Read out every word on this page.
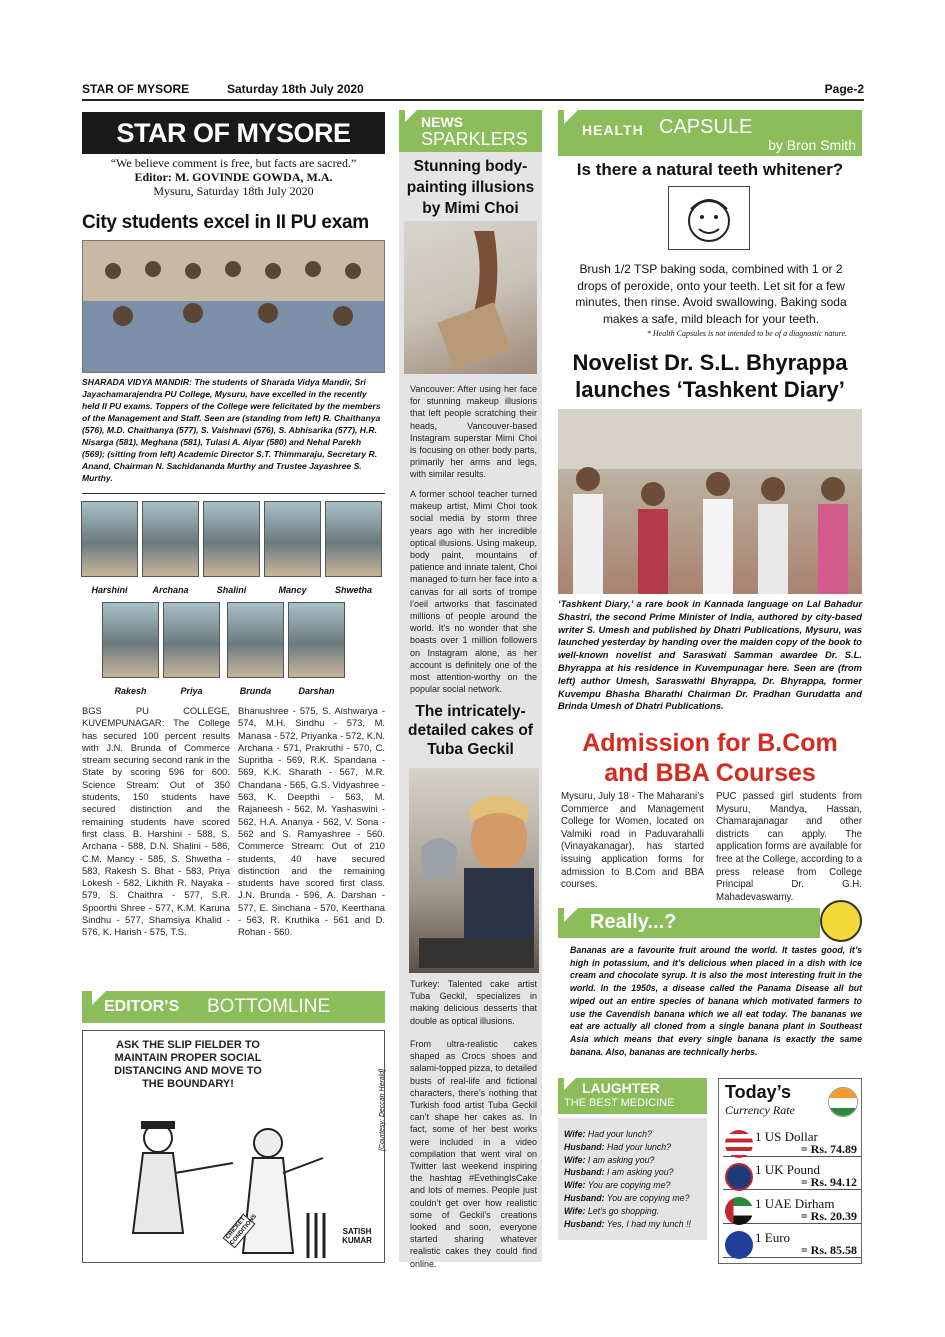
STAR OF MYSORE	Saturday 18th July 2020	Page-2
STAR OF MYSORE
“We believe comment is free, but facts are sacred.”
Editor: M. GOVINDE GOWDA, M.A.
Mysuru, Saturday 18th July 2020
City students excel in II PU exam
SHARADA VIDYA MANDIR: The students of Sharada Vidya Mandir, Sri Jayachamarajendra PU College, Mysuru, have excelled in the recently held II PU exams. Toppers of the College were felicitated by the members of the Management and Staff. Seen are (standing from left) R. Chaithanya (576), M.D. Chaithanya (577), S. Vaishnavi (576), S. Abhisarika (577), H.R. Nisarga (581), Meghana (581), Tulasi A. Aiyar (580) and Nehal Parekh (569); (sitting from left) Academic Director S.T. Thimmaraju, Secretary R. Anand, Chairman N. Sachidananda Murthy and Trustee Jayashree S. Murthy.
Harshini	Archana	Shalini	Mancy	Shwetha
Rakesh	Priya	Brunda	Darshan
BGS PU COLLEGE, KUVEMPUNAGAR: The College has secured 100 percent results with J.N. Brunda of Commerce stream securing second rank in the State by scoring 596 for 600. Science Stream: Out of 350 students, 150 students have secured distinction and the remaining students have scored first class. B. Harshini - 588, S. Archana - 588, D.N. Shalini - 586, C.M. Mancy - 585, S. Shwetha - 583, Rakesh S. Bhat - 583, Priya Lokesh - 582, Likhith R. Nayaka - 579, S. Chaithra - 577, S.R. Spoorthi Shree - 577, K.M. Karuna Sindhu - 577, Shamsiya Khalid - 576, K. Harish - 575, T.S.
Bhanushree - 575, S. Aishwarya - 574, M.H. Sindhu - 573, M. Manasa - 572, Priyanka - 572, K.N. Archana - 571, Prakruthi - 570, C. Supritha - 569, R.K. Spandana - 569, K.K. Sharath - 567, M.R. Chandana - 565, G.S. Vidyashree - 563, K. Deepthi - 563, M. Rajaneesh - 562, M. Yashaswini - 562, H.A. Ananya - 562, V. Sona - 562 and S. Ramyashree - 560. Commerce Stream: Out of 210 students, 40 have secured distinction and the remaining students have scored first class. J.N. Brunda - 596, A. Darshan - 577, E. Sinchana - 570, Keerthana - 563, R. Kruthika - 561 and D. Rohan - 560.
EDITOR’S BOTTOMLINE
ASK THE SLIP FIELDER TO MAINTAIN PROPER SOCIAL DISTANCING AND MOVE TO THE BOUNDARY!
CRICKET CONDITIONS	SATISH KUMAR
[Courtesy: Deccan Herald]
NEWS
SPARKLERS
Stunning body-painting illusions by Mimi Choi
Vancouver: After using her face for stunning makeup illusions that left people scratching their heads, Vancouver-based Instagram superstar Mimi Choi is focusing on other body parts, primarily her arms and legs, with similar results.
A former school teacher turned makeup artist, Mimi Choi took social media by storm three years ago with her incredible optical illusions. Using makeup, body paint, mountains of patience and innate talent, Choi managed to turn her face into a canvas for all sorts of trompe l’oeil artworks that fascinated millions of people around the world. It’s no wonder that she boasts over 1 million followers on Instagram alone, as her account is definitely one of the most attention-worthy on the popular social network.
The intricately-detailed cakes of Tuba Geckil
Turkey: Talented cake artist Tuba Geckil, specializes in making delicious desserts that double as optical illusions.
From ultra-realistic cakes shaped as Crocs shoes and salami-topped pizza, to detailed busts of real-life and fictional characters, there’s nothing that Turkish food artist Tuba Geckil can’t shape her cakes as. In fact, some of her best works were included in a video compilation that went viral on Twitter last weekend inspiring the hashtag #EvethingIsCake and lots of memes. People just couldn’t get over how realistic some of Geckil’s creations looked and soon, everyone started sharing whatever realistic cakes they could find online.
HEALTH CAPSULE
by Bron Smith
Is there a natural teeth whitener?
Brush 1/2 TSP baking soda, combined with 1 or 2 drops of peroxide, onto your teeth. Let sit for a few minutes, then rinse. Avoid swallowing. Baking soda makes a safe, mild bleach for your teeth.
* Health Capsules is not intended to be of a diagnostic nature.
Novelist Dr. S.L. Bhyrappa launches ‘Tashkent Diary’
‘Tashkent Diary,’ a rare book in Kannada language on Lal Bahadur Shastri, the second Prime Minister of India, authored by city-based writer S. Umesh and published by Dhatri Publications, Mysuru, was launched yesterday by handing over the maiden copy of the book to well-known novelist and Saraswati Samman awardee Dr. S.L. Bhyrappa at his residence in Kuvempunagar here. Seen are (from left) author Umesh, Saraswathi Bhyrappa, Dr. Bhyrappa, former Kuvempu Bhasha Bharathi Chairman Dr. Pradhan Gurudatta and Brinda Umesh of Dhatri Publications.
Admission for B.Com and BBA Courses
Mysuru, July 18 - The Maharani’s Commerce and Management College for Women, located on Valmiki road in Paduvarahalli (Vinayakanagar), has started issuing application forms for admission to B.Com and BBA courses.
PUC passed girl students from Mysuru, Mandya, Hassan, Chamarajanagar and other districts can apply. The application forms are available for free at the College, according to a press release from College Principal Dr. G.H. Mahadevaswamy.
Really...?
Bananas are a favourite fruit around the world. It tastes good, it’s high in potassium, and it’s delicious when placed in a dish with ice cream and chocolate syrup. It is also the most interesting fruit in the world. In the 1950s, a disease called the Panama Disease all but wiped out an entire species of banana which motivated farmers to use the Cavendish banana which we all eat today. The bananas we eat are actually all cloned from a single banana plant in Southeast Asia which means that every single banana is exactly the same banana. Also, bananas are technically herbs.
LAUGHTER
THE BEST MEDICINE
Wife: Had your lunch?
Husband: Had your lunch?
Wife: I am asking you?
Husband: I am asking you?
Wife: You are copying me?
Husband: You are copying me?
Wife: Let’s go shopping.
Husband: Yes, I had my lunch !!
Today’s
Currency Rate
1 US Dollar
= Rs. 74.89
1 UK Pound
= Rs. 94.12
1 UAE Dirham
= Rs. 20.39
1 Euro
= Rs. 85.58
